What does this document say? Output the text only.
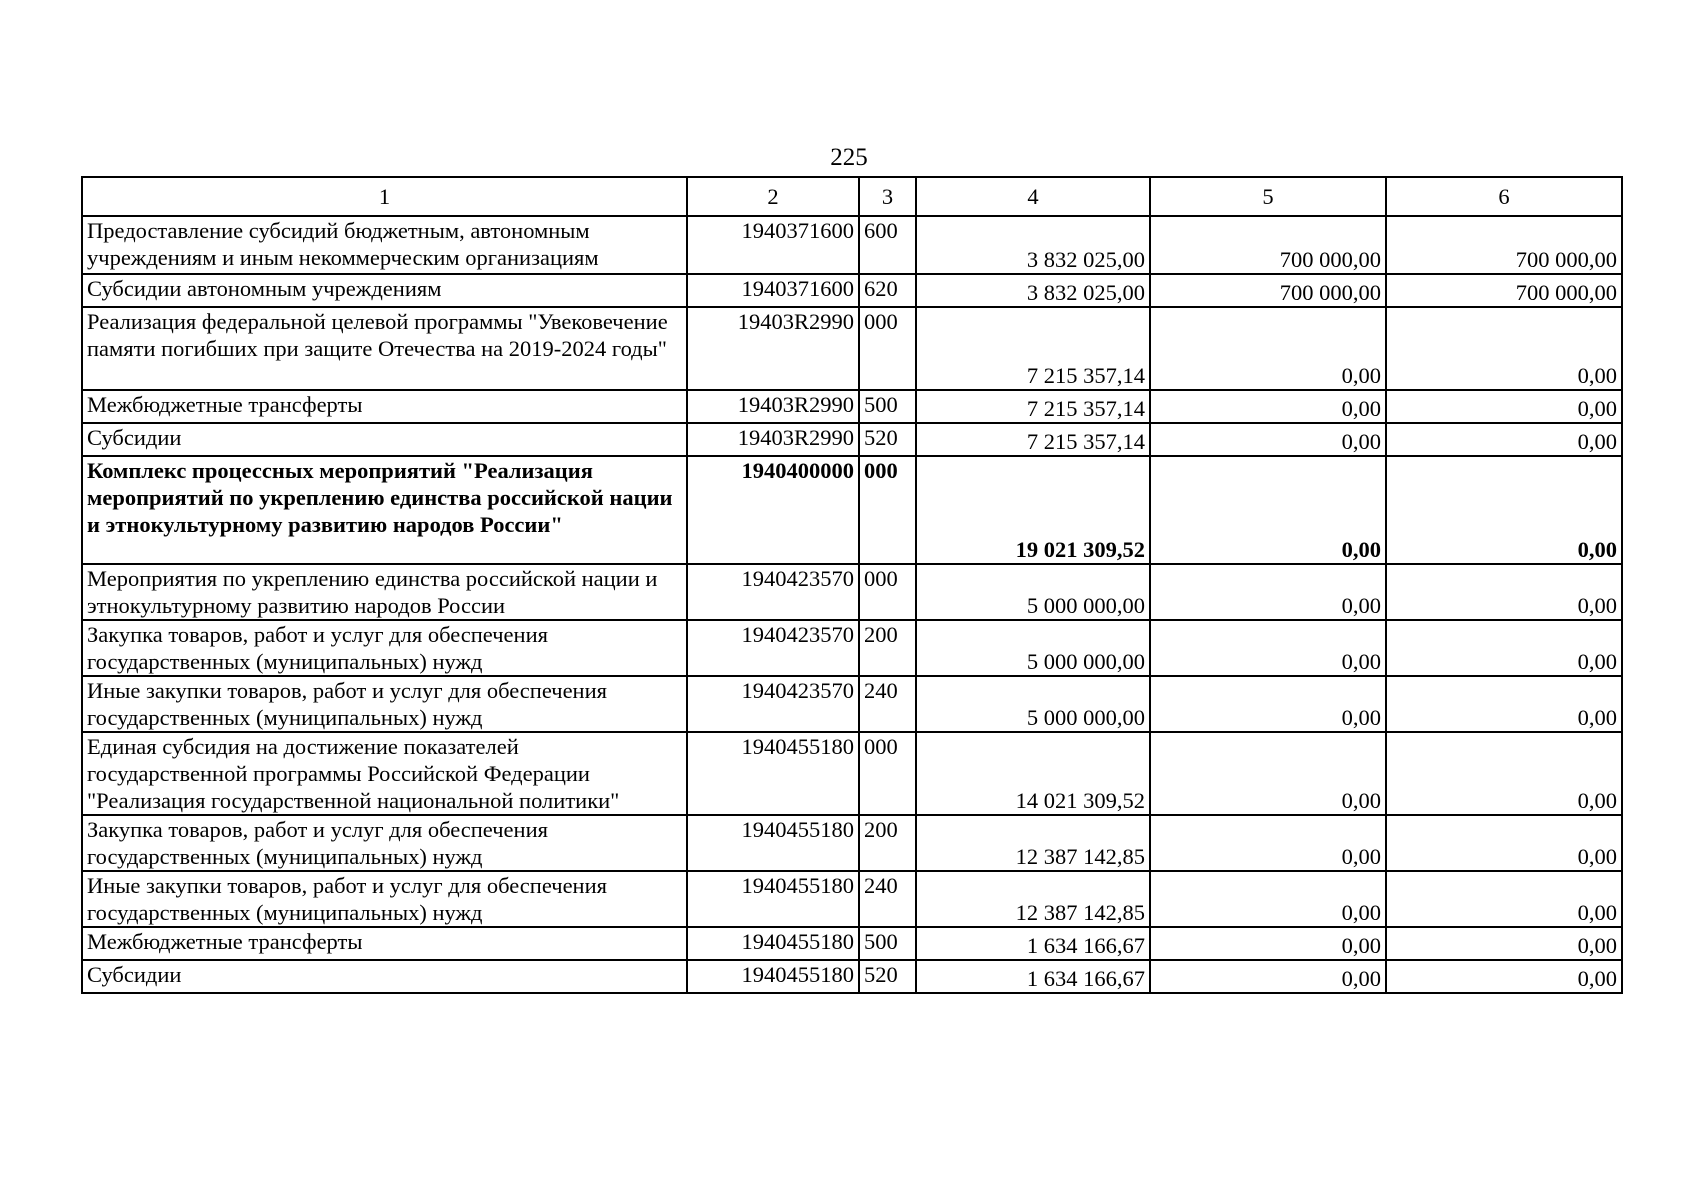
225
1	2	3	4	5	6
Предоставление субсидий бюджетным, автономным учреждениям и иным некоммерческим организациям	1940371600	600	3 832 025,00	700 000,00	700 000,00
Субсидии автономным учреждениям	1940371600	620	3 832 025,00	700 000,00	700 000,00
Реализация федеральной целевой программы "Увековечение памяти погибших при защите Отечества на 2019-2024 годы"	19403R2990	000	7 215 357,14	0,00	0,00
Межбюджетные трансферты	19403R2990	500	7 215 357,14	0,00	0,00
Субсидии	19403R2990	520	7 215 357,14	0,00	0,00
Комплекс процессных мероприятий "Реализация мероприятий по укреплению единства российской нации и этнокультурному развитию народов России"	1940400000	000	19 021 309,52	0,00	0,00
Мероприятия по укреплению единства российской нации и этнокультурному развитию народов России	1940423570	000	5 000 000,00	0,00	0,00
Закупка товаров, работ и услуг для обеспечения государственных (муниципальных) нужд	1940423570	200	5 000 000,00	0,00	0,00
Иные закупки товаров, работ и услуг для обеспечения государственных (муниципальных) нужд	1940423570	240	5 000 000,00	0,00	0,00
Единая субсидия на достижение показателей государственной программы Российской Федерации "Реализация государственной национальной политики"	1940455180	000	14 021 309,52	0,00	0,00
Закупка товаров, работ и услуг для обеспечения государственных (муниципальных) нужд	1940455180	200	12 387 142,85	0,00	0,00
Иные закупки товаров, работ и услуг для обеспечения государственных (муниципальных) нужд	1940455180	240	12 387 142,85	0,00	0,00
Межбюджетные трансферты	1940455180	500	1 634 166,67	0,00	0,00
Субсидии	1940455180	520	1 634 166,67	0,00	0,00
